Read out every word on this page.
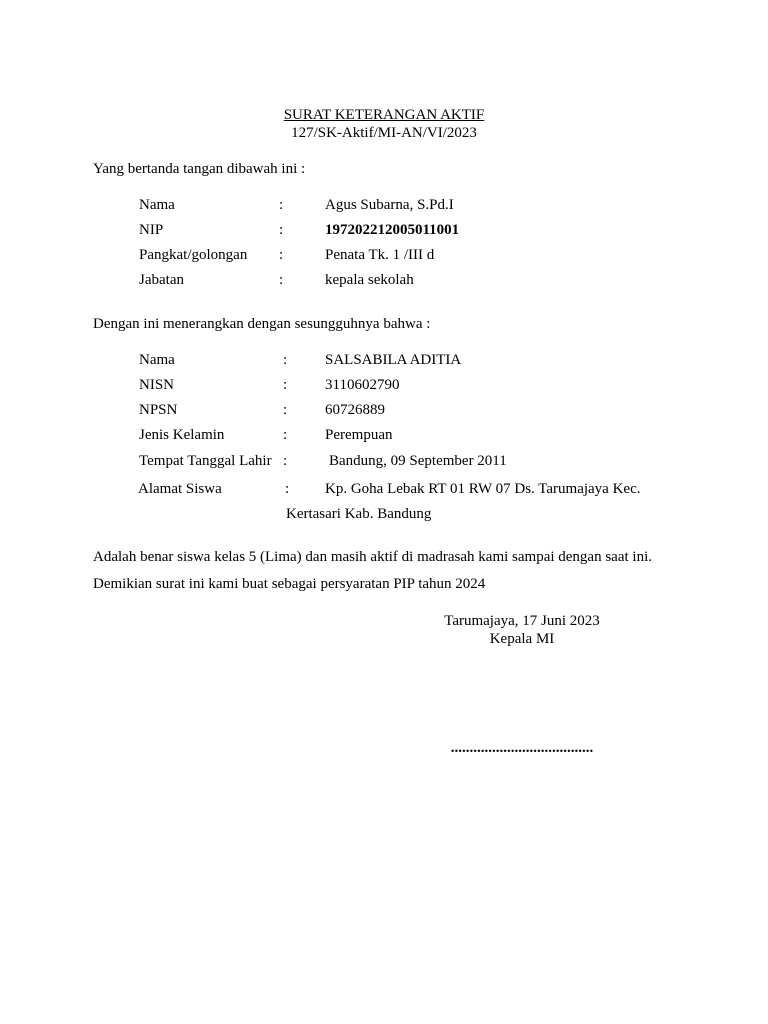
SURAT KETERANGAN AKTIF
127/SK-Aktif/MI-AN/VI/2023
Yang bertanda tangan dibawah ini :
Nama	:	Agus Subarna, S.Pd.I
NIP	:	197202212005011001
Pangkat/golongan :	Penata Tk. 1 /III d
Jabatan	:	kepala sekolah
Dengan ini menerangkan dengan sesungguhnya bahwa :
Nama	:	SALSABILA ADITIA
NISN	:	3110602790
NPSN	:	60726889
Jenis Kelamin	:	Perempuan
Tempat Tanggal Lahir :	Bandung, 09 September 2011
Alamat Siswa	: Kp. Goha Lebak RT 01 RW 07 Ds. Tarumajaya Kec.
Kertasari Kab. Bandung
Adalah benar siswa kelas 5 (Lima) dan masih aktif di madrasah kami sampai dengan saat ini.
Demikian surat ini kami buat sebagai persyaratan PIP tahun 2024
Tarumajaya, 17 Juni 2023
Kepala MI
......................................
